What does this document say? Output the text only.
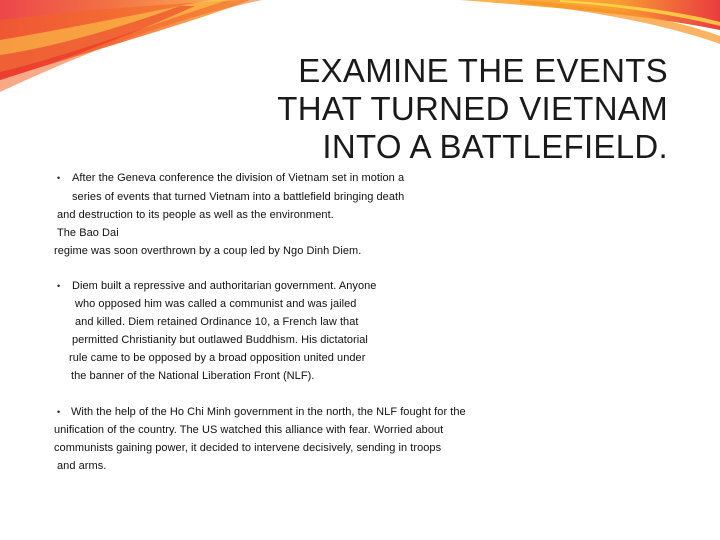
EXAMINE THE EVENTS
THAT TURNED VIETNAM
INTO A BATTLEFIELD.
• After the Geneva conference the division of Vietnam set in motion a
series of events that turned Vietnam into a battlefield bringing death
and destruction to its people as well as the environment.
The Bao Dai
regime was soon overthrown by a coup led by Ngo Dinh Diem.
• Diem built a repressive and authoritarian government. Anyone
who opposed him was called a communist and was jailed
and killed. Diem retained Ordinance 10, a French law that
permitted Christianity but outlawed Buddhism. His dictatorial
rule came to be opposed by a broad opposition united under
the banner of the National Liberation Front (NLF).
• With the help of the Ho Chi Minh government in the north, the NLF fought for the
unification of the country. The US watched this alliance with fear. Worried about
communists gaining power, it decided to intervene decisively, sending in troops
and arms.
